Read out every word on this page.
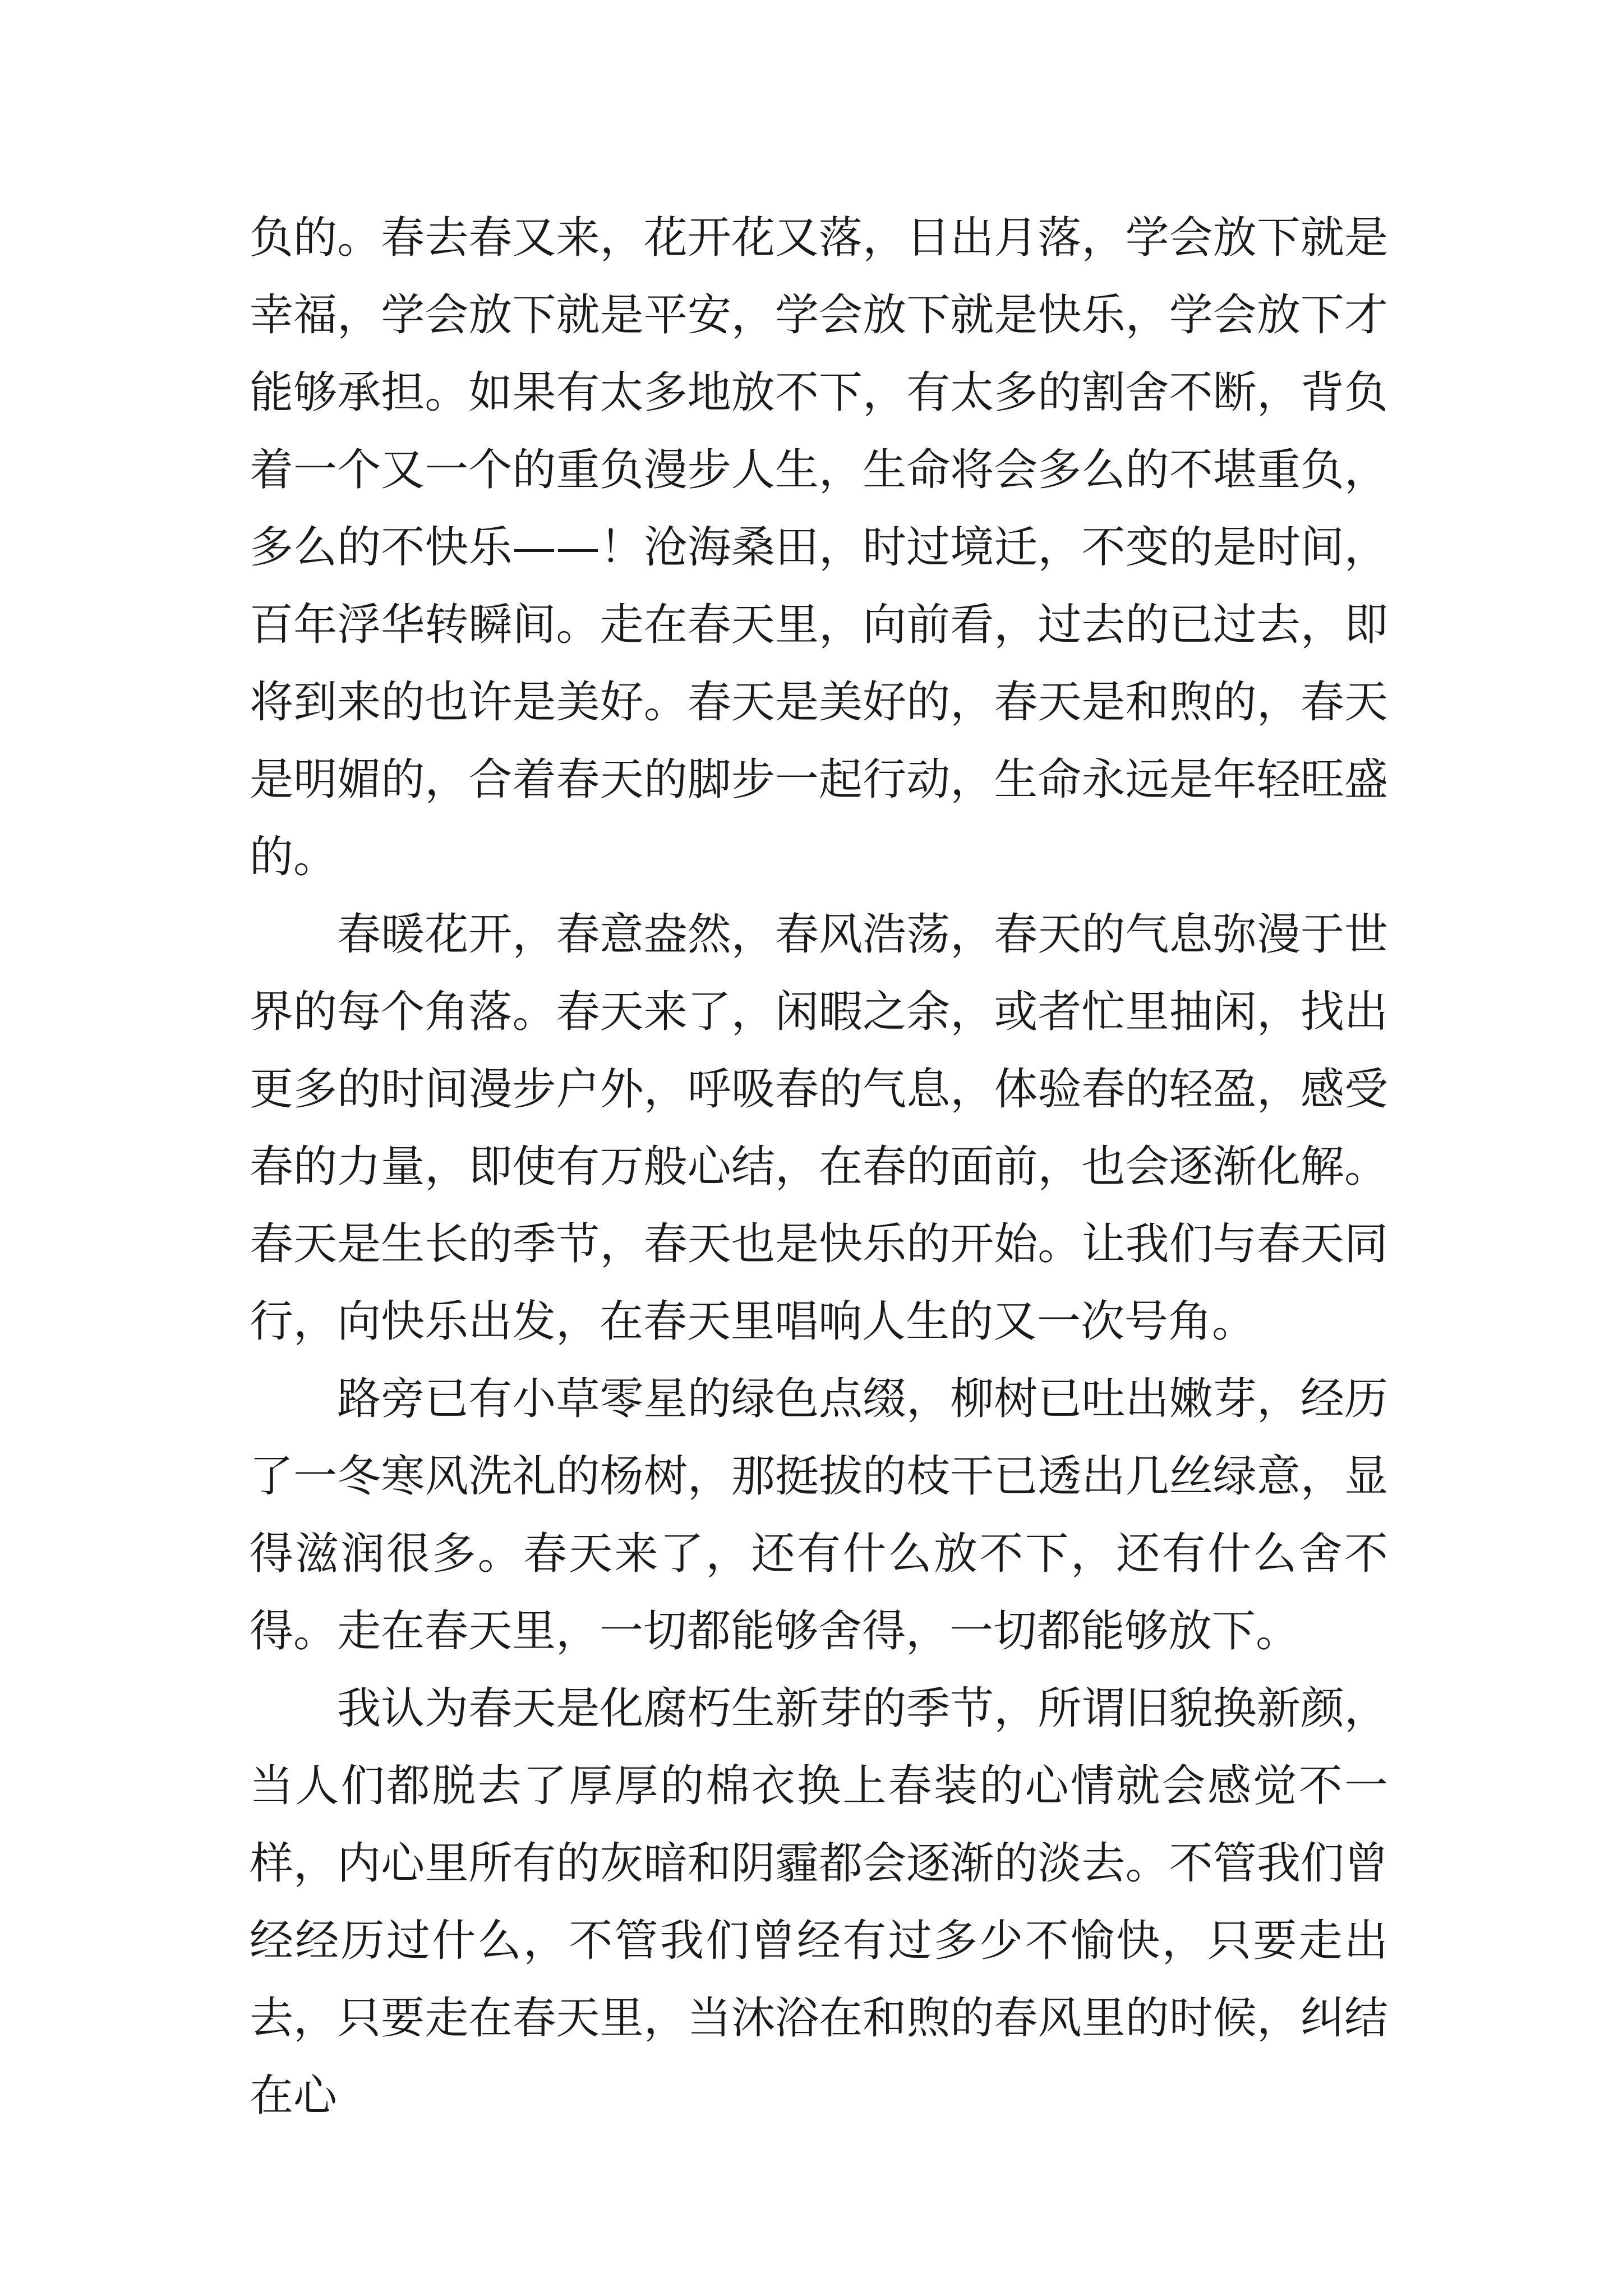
负的。春去春又来，花开花又落，日出月落，学会放下就是幸福，学会放下就是平安，学会放下就是快乐，学会放下才能够承担。如果有太多地放不下，有太多的割舍不断，背负着一个又一个的重负漫步人生，生命将会多么的不堪重负，多么的不快乐——！沧海桑田，时过境迁，不变的是时间，百年浮华转瞬间。走在春天里，向前看，过去的已过去，即将到来的也许是美好。春天是美好的，春天是和煦的，春天是明媚的，合着春天的脚步一起行动，生命永远是年轻旺盛的。

春暖花开，春意盎然，春风浩荡，春天的气息弥漫于世界的每个角落。春天来了，闲暇之余，或者忙里抽闲，找出更多的时间漫步户外，呼吸春的气息，体验春的轻盈，感受春的力量，即使有万般心结，在春的面前，也会逐渐化解。春天是生长的季节，春天也是快乐的开始。让我们与春天同行，向快乐出发，在春天里唱响人生的又一次号角。

路旁已有小草零星的绿色点缀，柳树已吐出嫩芽，经历了一冬寒风洗礼的杨树，那挺拔的枝干已透出几丝绿意，显得滋润很多。春天来了，还有什么放不下，还有什么舍不得。走在春天里，一切都能够舍得，一切都能够放下。

我认为春天是化腐朽生新芽的季节，所谓旧貌换新颜，当人们都脱去了厚厚的棉衣换上春装的心情就会感觉不一样，内心里所有的灰暗和阴霾都会逐渐的淡去。不管我们曾经经历过什么，不管我们曾经有过多少不愉快，只要走出去，只要走在春天里，当沐浴在和煦的春风里的时候，纠结在心
